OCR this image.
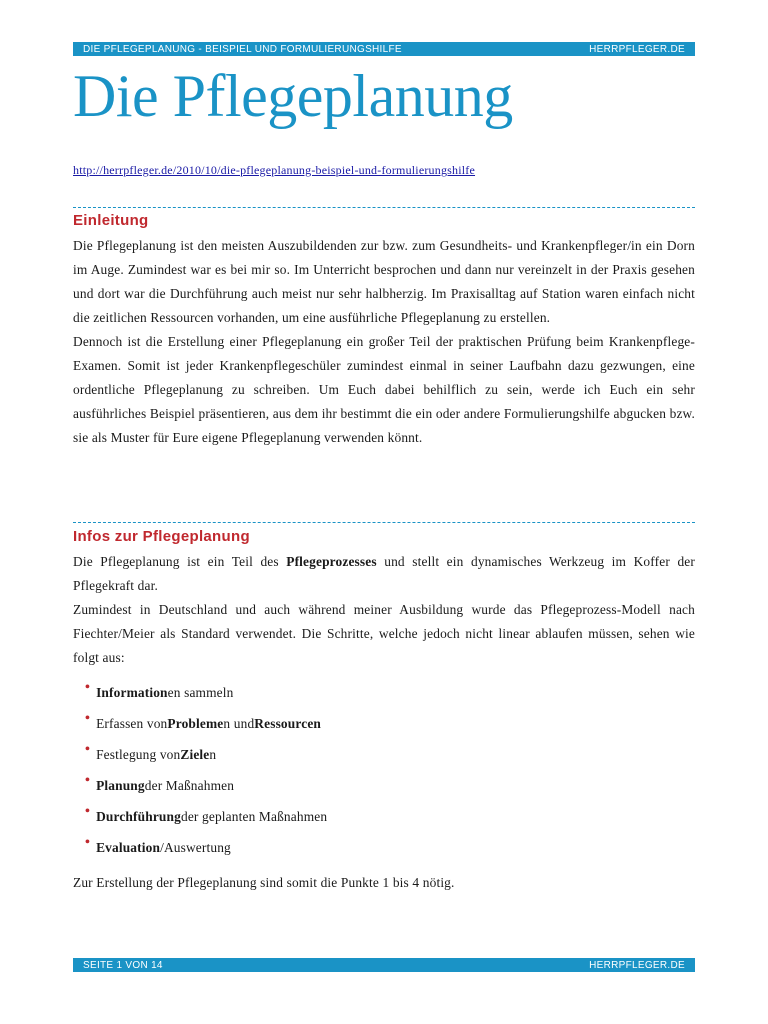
DIE PFLEGEPLANUNG - BEISPIEL UND FORMULIERUNGSHILFE	HERRPFLEGER.DE
Die Pflegeplanung
http://herrpfleger.de/2010/10/die-pflegeplanung-beispiel-und-formulierungshilfe
Einleitung

Die Pflegeplanung ist den meisten Auszubildenden zur bzw. zum Gesundheits- und Krankenpfleger/in ein Dorn im Auge. Zumindest war es bei mir so. Im Unterricht besprochen und dann nur vereinzelt in der Praxis gesehen und dort war die Durchführung auch meist nur sehr halbherzig. Im Praxisalltag auf Station waren einfach nicht die zeitlichen Ressourcen vorhanden, um eine ausführliche Pflegeplanung zu erstellen.

Dennoch ist die Erstellung einer Pflegeplanung ein großer Teil der praktischen Prüfung beim Krankenpflege-Examen. Somit ist jeder Krankenpflegeschüler zumindest einmal in seiner Laufbahn dazu gezwungen, eine ordentliche Pflegeplanung zu schreiben. Um Euch dabei behilflich zu sein, werde ich Euch ein sehr ausführliches Beispiel präsentieren, aus dem ihr bestimmt die ein oder andere Formulierungshilfe abgucken bzw. sie als Muster für Eure eigene Pflegeplanung verwenden könnt.

Infos zur Pflegeplanung

Die Pflegeplanung ist ein Teil des Pflegeprozesses und stellt ein dynamisches Werkzeug im Koffer der Pflegekraft dar.

Zumindest in Deutschland und auch während meiner Ausbildung wurde das Pflegeprozess-Modell nach Fiechter/Meier als Standard verwendet. Die Schritte, welche jedoch nicht linear ablaufen müssen, sehen wie folgt aus:

• Information en sammeln
• Erfassen von Probleme n und Ressourcen
• Festlegung von Ziele n
• Planung der Maßnahmen
• Durchführung der geplanten Maßnahmen
• Evaluation /Auswertung

Zur Erstellung der Pflegeplanung sind somit die Punkte 1 bis 4 nötig.

SEITE 1 VON 14	HERRPFLEGER.DE
